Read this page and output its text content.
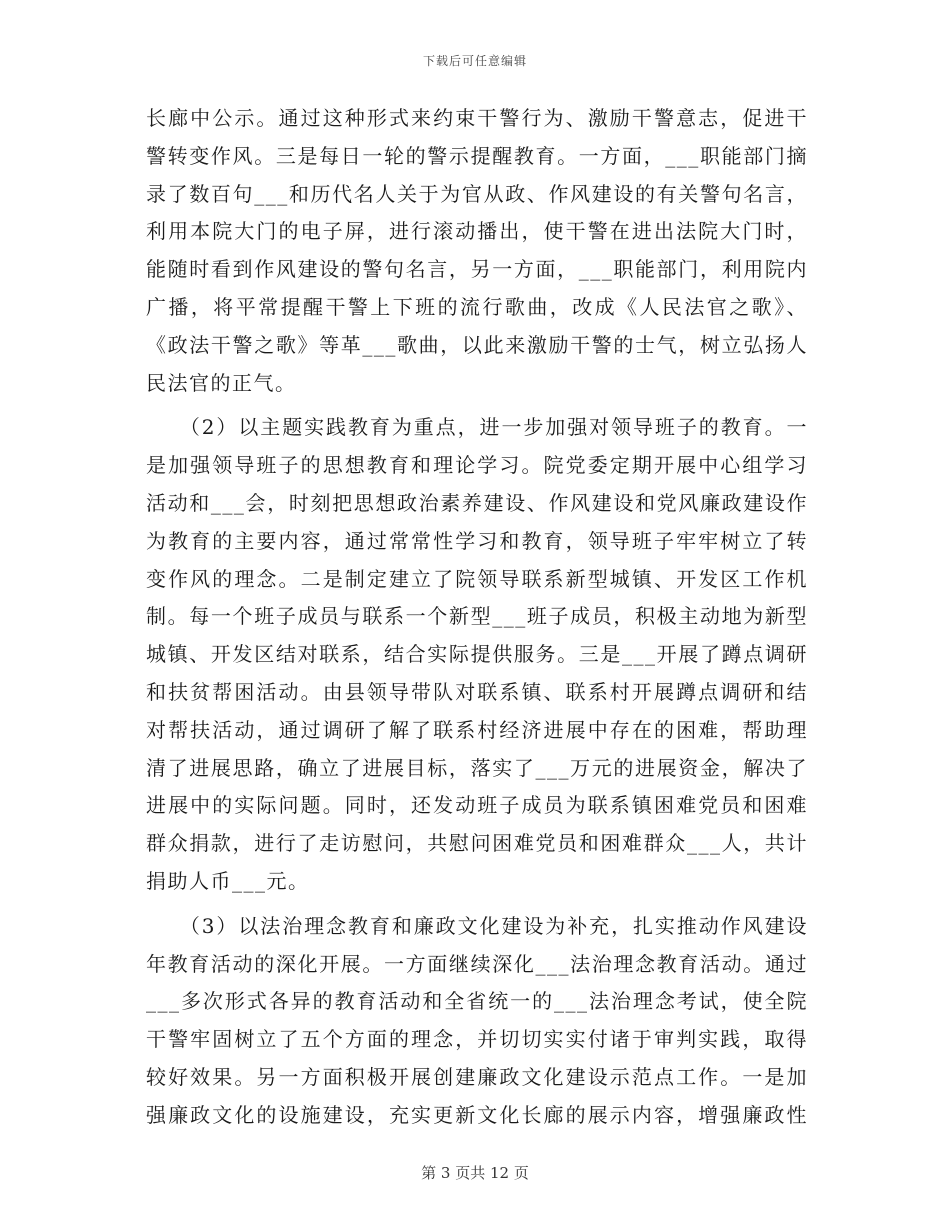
下载后可任意编辑
长廊中公示。通过这种形式来约束干警行为、激励干警意志，促进干
警转变作风。三是每日一轮的警示提醒教育。一方面，___职能部门摘
录了数百句___和历代名人关于为官从政、作风建设的有关警句名言，
利用本院大门的电子屏，进行滚动播出，使干警在进出法院大门时，
能随时看到作风建设的警句名言，另一方面，___职能部门，利用院内
广播，将平常提醒干警上下班的流行歌曲，改成《人民法官之歌》、
《政法干警之歌》等革___歌曲，以此来激励干警的士气，树立弘扬人
民法官的正气。
　　（2）以主题实践教育为重点，进一步加强对领导班子的教育。一
是加强领导班子的思想教育和理论学习。院党委定期开展中心组学习
活动和___会，时刻把思想政治素养建设、作风建设和党风廉政建设作
为教育的主要内容，通过常常性学习和教育，领导班子牢牢树立了转
变作风的理念。二是制定建立了院领导联系新型城镇、开发区工作机
制。每一个班子成员与联系一个新型___班子成员，积极主动地为新型
城镇、开发区结对联系，结合实际提供服务。三是___开展了蹲点调研
和扶贫帮困活动。由县领导带队对联系镇、联系村开展蹲点调研和结
对帮扶活动，通过调研了解了联系村经济进展中存在的困难，帮助理
清了进展思路，确立了进展目标，落实了___万元的进展资金，解决了
进展中的实际问题。同时，还发动班子成员为联系镇困难党员和困难
群众捐款，进行了走访慰问，共慰问困难党员和困难群众___人，共计
捐助人币___元。
　　（3）以法治理念教育和廉政文化建设为补充，扎实推动作风建设
年教育活动的深化开展。一方面继续深化___法治理念教育活动。通过
___多次形式各异的教育活动和全省统一的___法治理念考试，使全院
干警牢固树立了五个方面的理念，并切切实实付诸于审判实践，取得
较好效果。另一方面积极开展创建廉政文化建设示范点工作。一是加
强廉政文化的设施建设，充实更新文化长廊的展示内容，增强廉政性
第 3 页共 12 页
